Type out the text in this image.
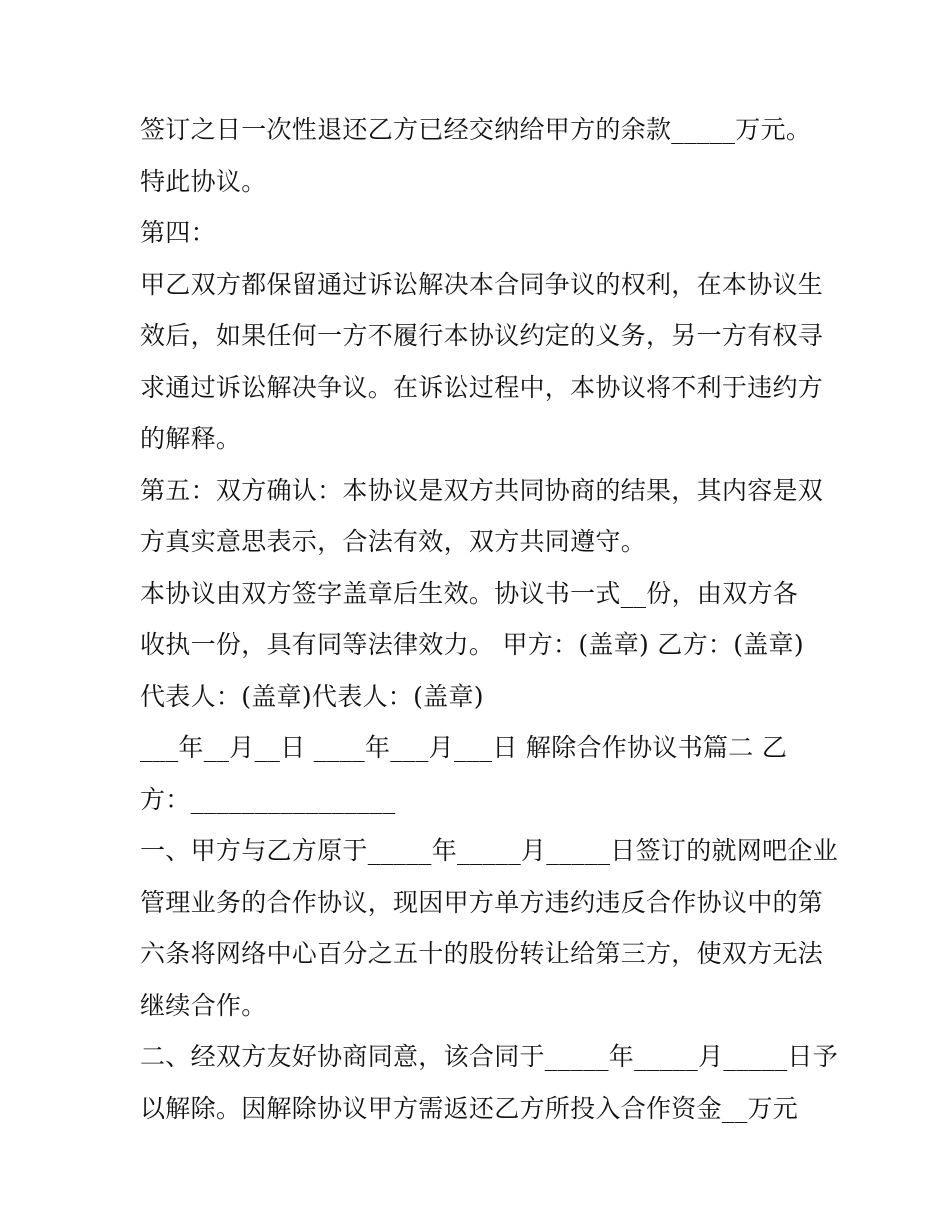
签订之日一次性退还乙方已经交纳给甲方的余款_____万元。
特此协议。
第四：
甲乙双方都保留通过诉讼解决本合同争议的权利，在本协议生
效后，如果任何一方不履行本协议约定的义务，另一方有权寻
求通过诉讼解决争议。在诉讼过程中，本协议将不利于违约方
的解释。
第五：双方确认：本协议是双方共同协商的结果，其内容是双
方真实意思表示，合法有效，双方共同遵守。
本协议由双方签字盖章后生效。协议书一式__份，由双方各
收执一份，具有同等法律效力。 甲方：(盖章) 乙方：(盖章)
代表人：(盖章)代表人：(盖章)
___年__月__日 ____年___月___日 解除合作协议书篇二 乙
方：________________
一、甲方与乙方原于_____年_____月_____日签订的就网吧企业
管理业务的合作协议，现因甲方单方违约违反合作协议中的第
六条将网络中心百分之五十的股份转让给第三方，使双方无法
继续合作。
二、经双方友好协商同意，该合同于_____年_____月_____日予
以解除。因解除协议甲方需返还乙方所投入合作资金__万元
